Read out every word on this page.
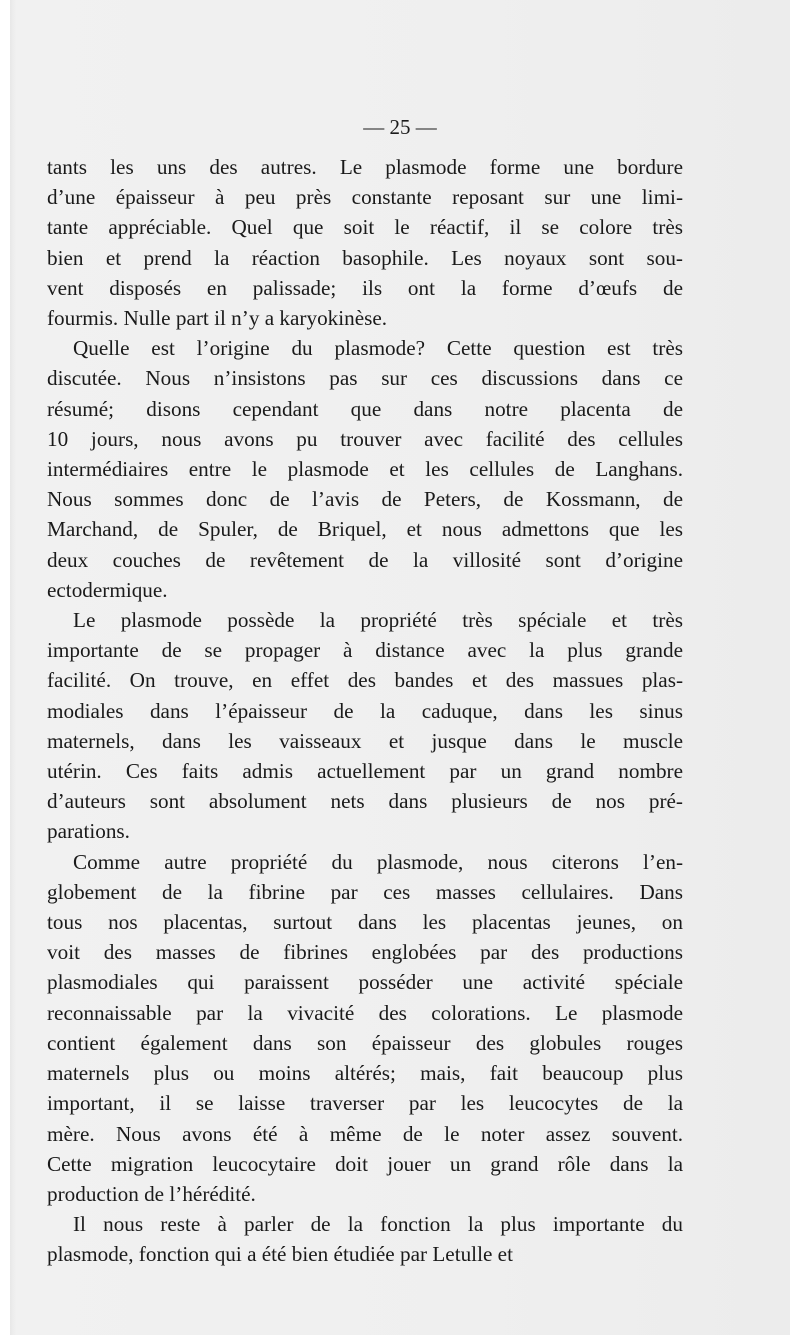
— 25 —

tants les uns des autres. Le plasmode forme une bordure
d’une épaisseur à peu près constante reposant sur une limi-
tante appréciable. Quel que soit le réactif, il se colore très
bien et prend la réaction basophile. Les noyaux sont sou-
vent disposés en palissade; ils ont la forme d’œufs de
fourmis. Nulle part il n’y a karyokinèse.

Quelle est l’origine du plasmode? Cette question est très
discutée. Nous n’insistons pas sur ces discussions dans ce
résumé; disons cependant que dans notre placenta de
10 jours, nous avons pu trouver avec facilité des cellules
intermédiaires entre le plasmode et les cellules de Langhans.
Nous sommes donc de l’avis de Peters, de Kossmann, de
Marchand, de Spuler, de Briquel, et nous admettons que les
deux couches de revêtement de la villosité sont d’origine
ectodermique.

Le plasmode possède la propriété très spéciale et très
importante de se propager à distance avec la plus grande
facilité. On trouve, en effet des bandes et des massues plas-
modiales dans l’épaisseur de la caduque, dans les sinus
maternels, dans les vaisseaux et jusque dans le muscle
utérin. Ces faits admis actuellement par un grand nombre
d’auteurs sont absolument nets dans plusieurs de nos pré-
parations.

Comme autre propriété du plasmode, nous citerons l’en-
globement de la fibrine par ces masses cellulaires. Dans
tous nos placentas, surtout dans les placentas jeunes, on
voit des masses de fibrines englobées par des productions
plasmodiales qui paraissent posséder une activité spéciale
reconnaissable par la vivacité des colorations. Le plasmode
contient également dans son épaisseur des globules rouges
maternels plus ou moins altérés; mais, fait beaucoup plus
important, il se laisse traverser par les leucocytes de la
mère. Nous avons été à même de le noter assez souvent.
Cette migration leucocytaire doit jouer un grand rôle dans la
production de l’hérédité.

Il nous reste à parler de la fonction la plus importante du
plasmode, fonction qui a été bien étudiée par Letulle et
